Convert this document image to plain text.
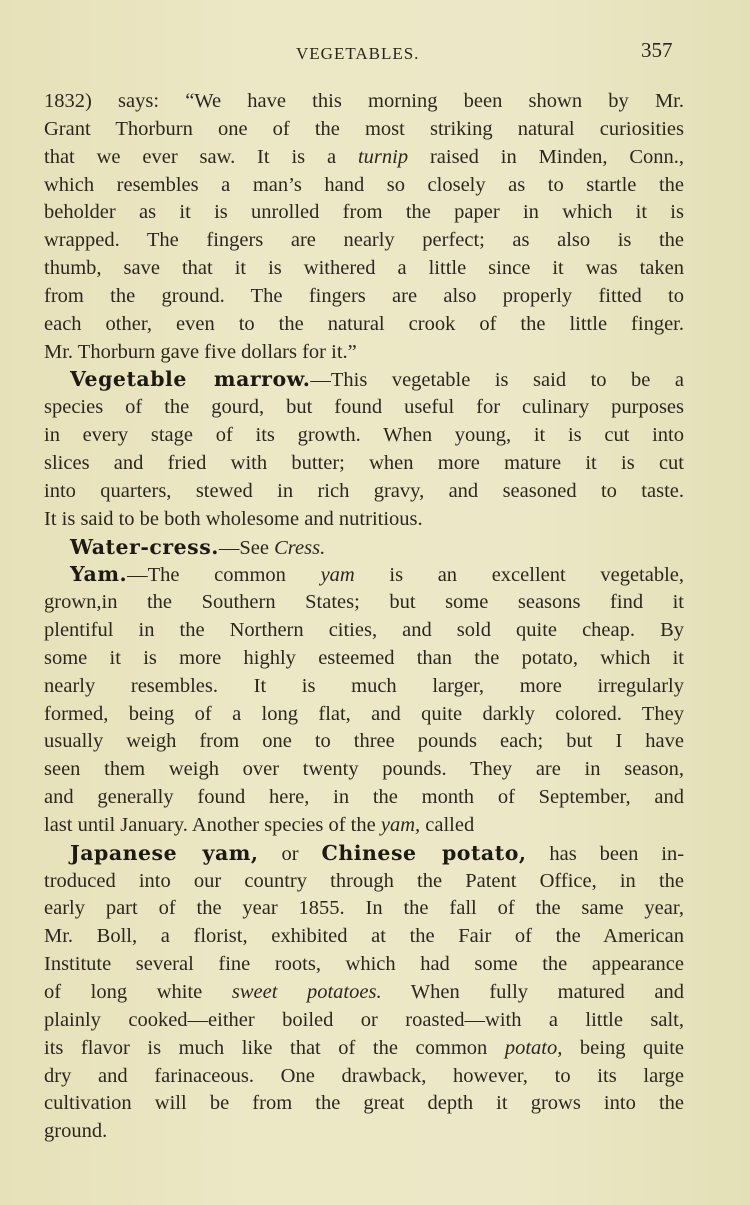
VEGETABLES.	357
1832) says: “We have this morning been shown by Mr.
Grant Thorburn one of the most striking natural curiosities
that we ever saw. It is a turnip raised in Minden, Conn.,
which resembles a man’s hand so closely as to startle the
beholder as it is unrolled from the paper in which it is
wrapped. The fingers are nearly perfect; as also is the
thumb, save that it is withered a little since it was taken
from the ground. The fingers are also properly fitted to
each other, even to the natural crook of the little finger.
Mr. Thorburn gave five dollars for it.”
Vegetable marrow.—This vegetable is said to be a
species of the gourd, but found useful for culinary purposes
in every stage of its growth. When young, it is cut into
slices and fried with butter; when more mature it is cut
into quarters, stewed in rich gravy, and seasoned to taste.
It is said to be both wholesome and nutritious.
Water-cress.—See Cress.
Yam.—The common yam is an excellent vegetable,
grown,in the Southern States; but some seasons find it
plentiful in the Northern cities, and sold quite cheap. By
some it is more highly esteemed than the potato, which it
nearly resembles. It is much larger, more irregularly
formed, being of a long flat, and quite darkly colored. They
usually weigh from one to three pounds each; but I have
seen them weigh over twenty pounds. They are in season,
and generally found here, in the month of September, and
last until January. Another species of the yam, called
Japanese yam, or Chinese potato, has been in-
troduced into our country through the Patent Office, in the
early part of the year 1855. In the fall of the same year,
Mr. Boll, a florist, exhibited at the Fair of the American
Institute several fine roots, which had some the appearance
of long white sweet potatoes. When fully matured and
plainly cooked—either boiled or roasted—with a little salt,
its flavor is much like that of the common potato, being quite
dry and farinaceous. One drawback, however, to its large
cultivation will be from the great depth it grows into the
ground.
